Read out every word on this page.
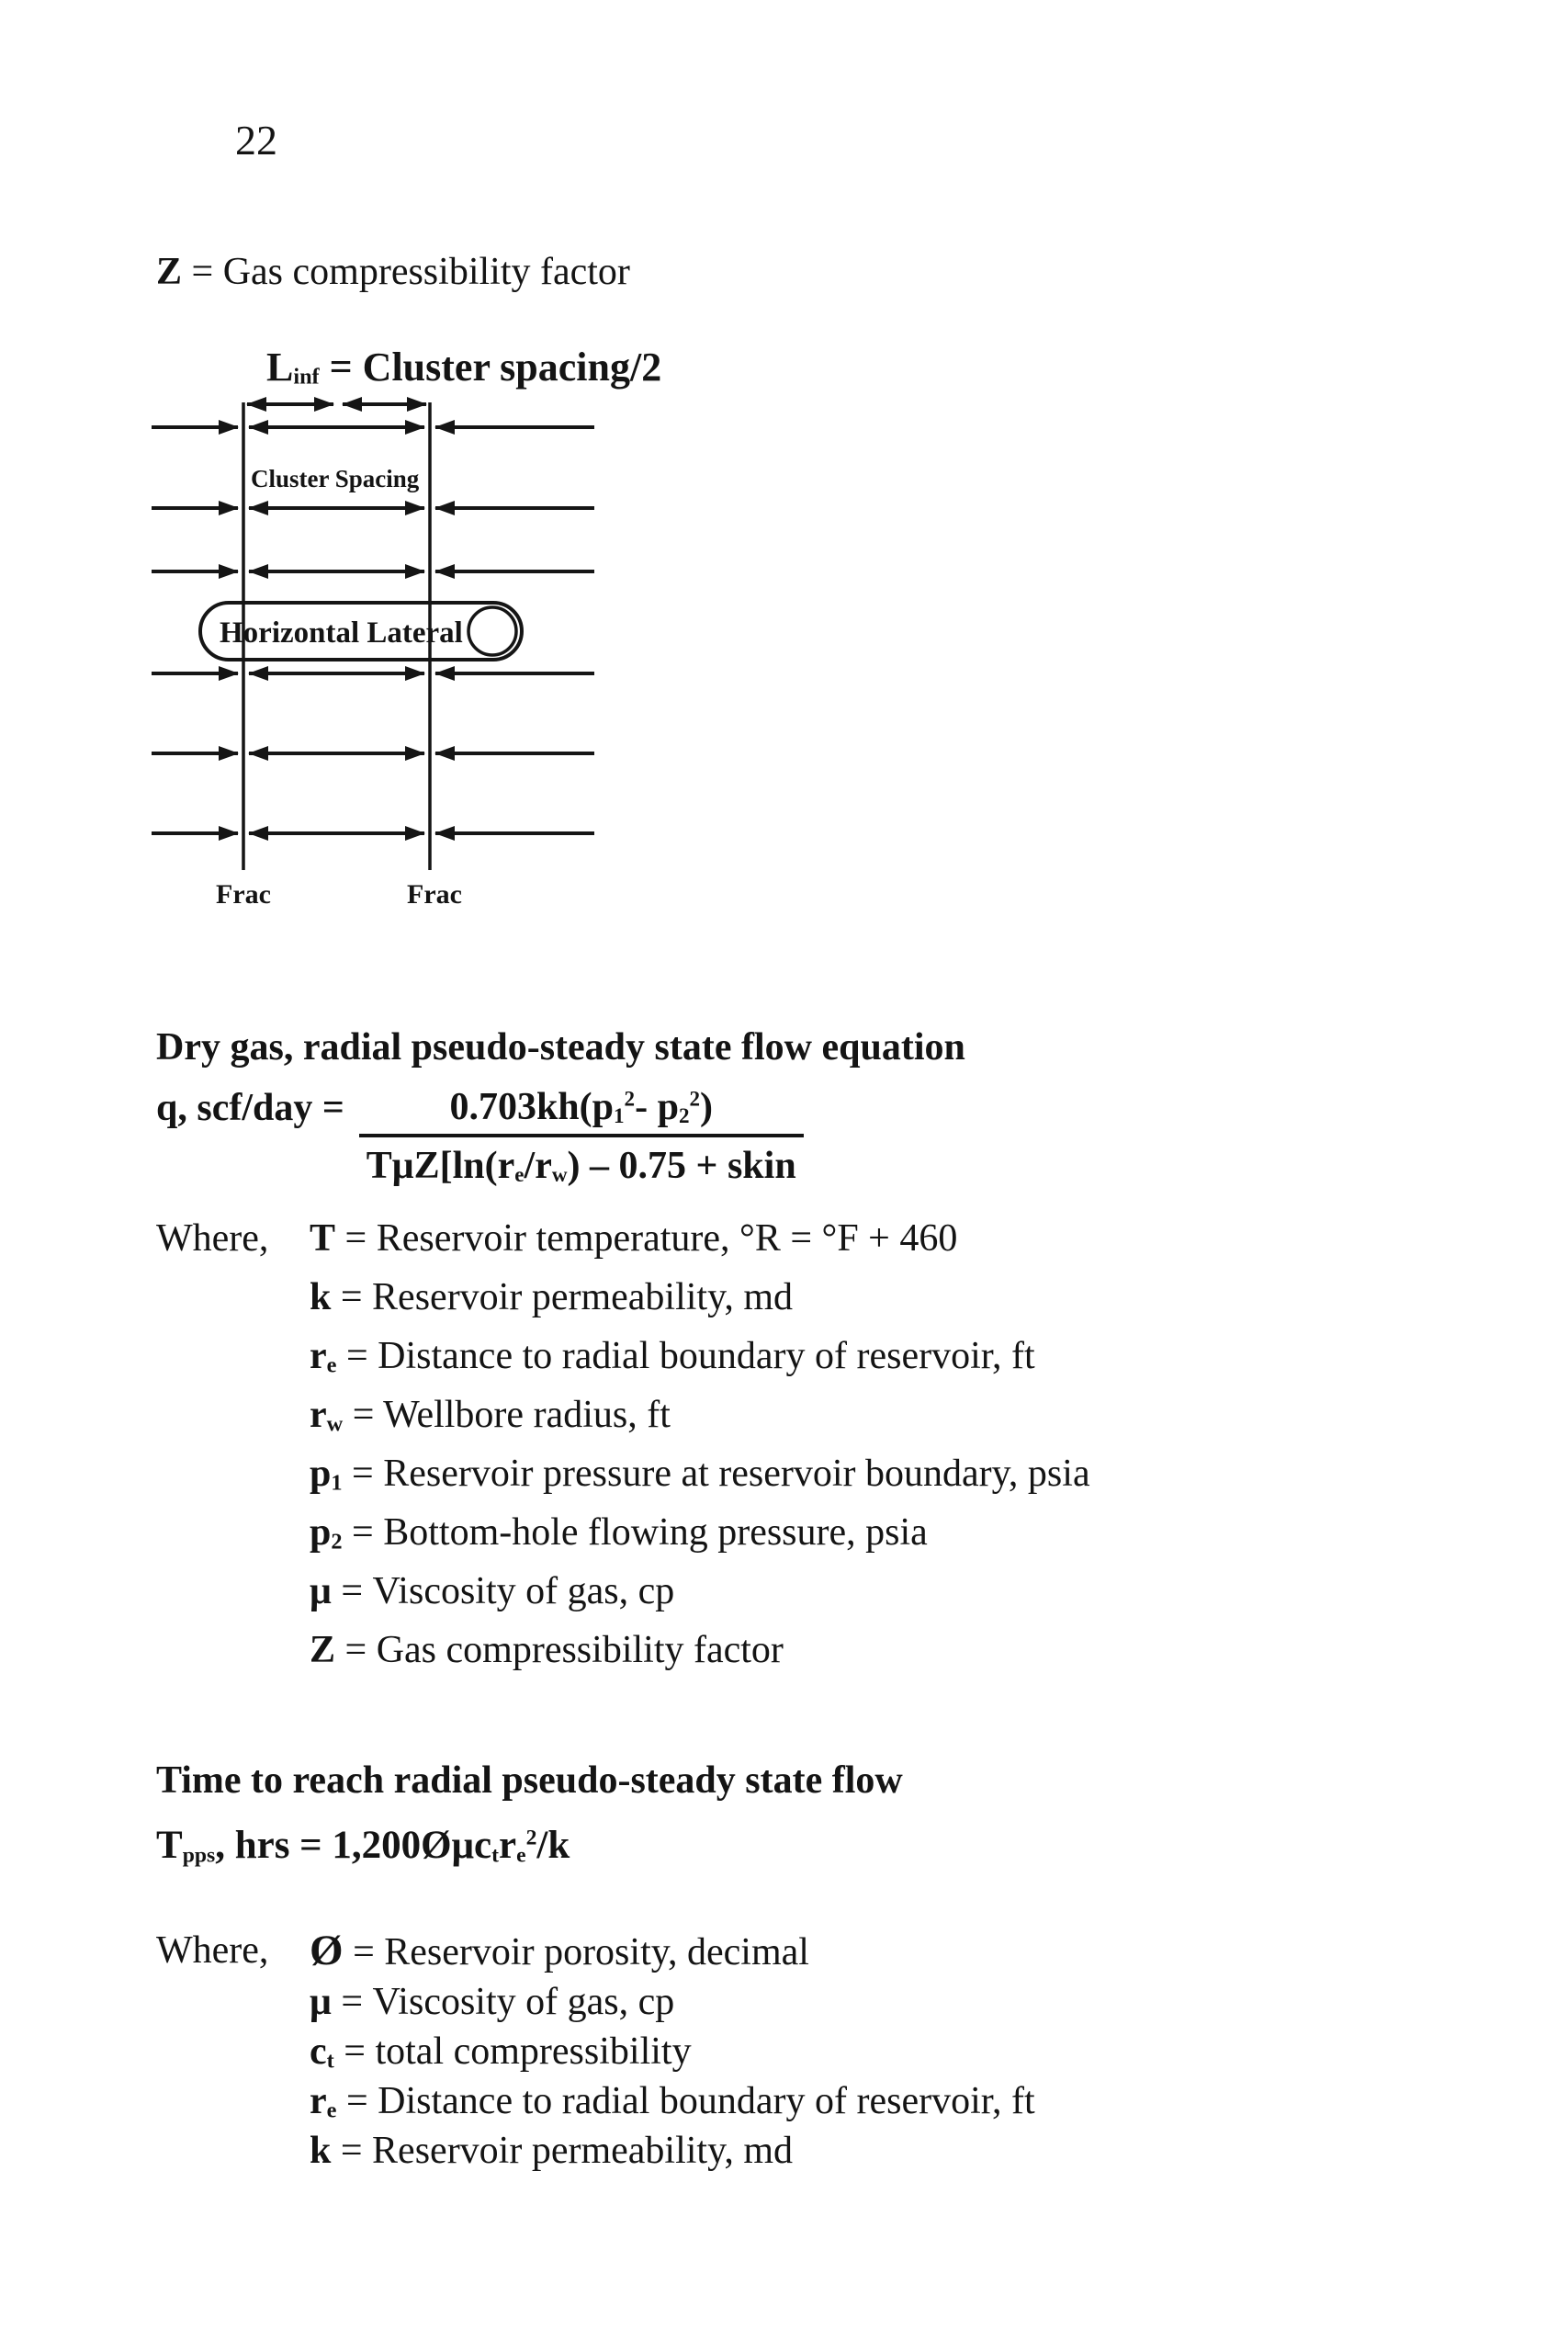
22
Z = Gas compressibility factor
$L_{inf}$ = Cluster spacing/2
Cluster Spacing
Horizontal Lateral
Frac	Frac
Dry gas, radial pseudo-steady state flow equation
q, $scf/day = \frac{0.703kh(p_1^2- p_2^2)}{T\mu Z[\ln(r_e/r_w) - 0.75 + skin}$
Where, T = Reservoir temperature, °R = °F + 460
k = Reservoir permeability, md
$r_e$ = Distance to radial boundary of reservoir, ft
$r_w$ = Wellbore radius, ft
$p_1$ = Reservoir pressure at reservoir boundary, psia
$p_2$ = Bottom-hole flowing pressure, psia
μ = Viscosity of gas, cp
Z = Gas compressibility factor
Time to reach radial pseudo-steady state flow
$T_{pps}$, hrs = $1,200Ø\mu c_tr_e^2/k$
Where, Ø = Reservoir porosity, decimal
μ = Viscosity of gas, cp
$c_t$ = total compressibility
$r_e$ = Distance to radial boundary of reservoir, ft
k = Reservoir permeability, md
